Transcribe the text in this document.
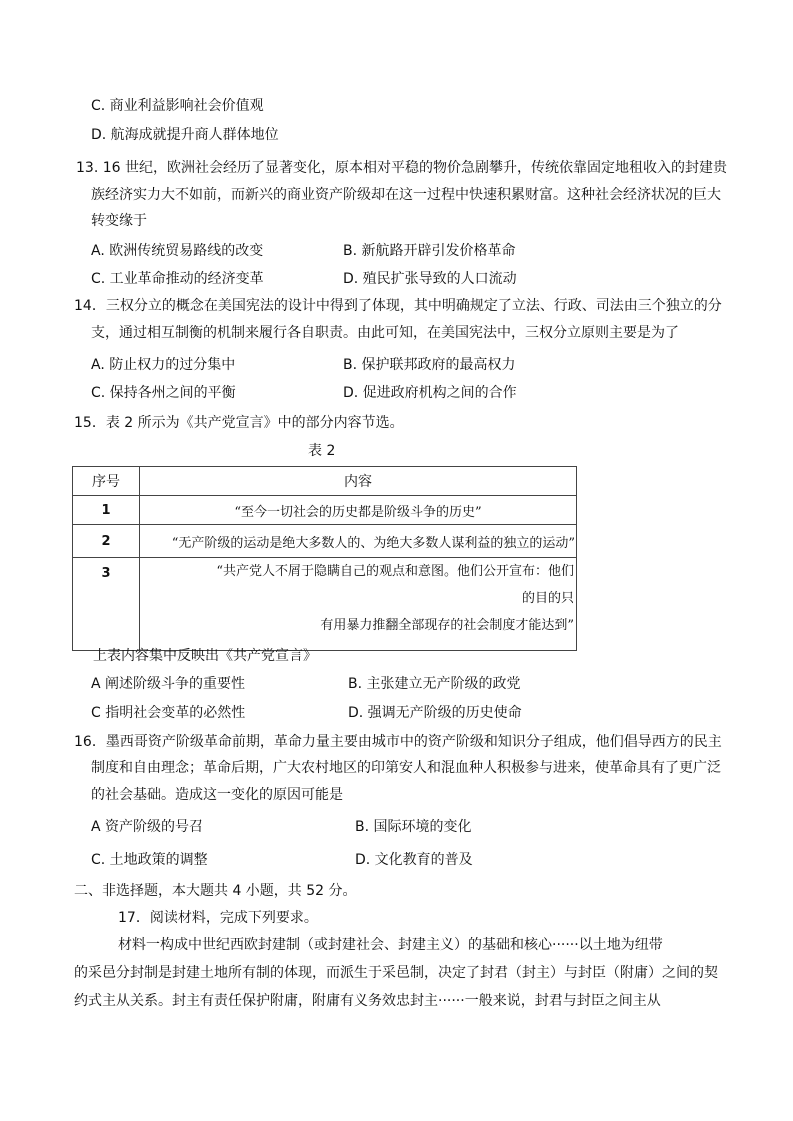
C. 商业利益影响社会价值观
D. 航海成就提升商人群体地位
13. 16 世纪，欧洲社会经历了显著变化，原本相对平稳的物价急剧攀升，传统依靠固定地租收入的封建贵
族经济实力大不如前，而新兴的商业资产阶级却在这一过程中快速积累财富。这种社会经济状况的巨大
转变缘于
A. 欧洲传统贸易路线的改变	B. 新航路开辟引发价格革命
C. 工业革命推动的经济变革	D. 殖民扩张导致的人口流动
14．三权分立的概念在美国宪法的设计中得到了体现，其中明确规定了立法、行政、司法由三个独立的分
支，通过相互制衡的机制来履行各自职责。由此可知，在美国宪法中，三权分立原则主要是为了
A. 防止权力的过分集中	B. 保护联邦政府的最高权力
C. 保持各州之间的平衡	D. 促进政府机构之间的合作
15．表 2 所示为《共产党宣言》中的部分内容节选。
表 2
序号	内容
1	“至今一切社会的历史都是阶级斗争的历史”
2	“无产阶级的运动是绝大多数人的、为绝大多数人谋利益的独立的运动”
3	“共产党人不屑于隐瞒自己的观点和意图。他们公开宣布：他们
的目的只
有用暴力推翻全部现存的社会制度才能达到”
上表内容集中反映出《共产党宣言》
A 阐述阶级斗争的重要性	B. 主张建立无产阶级的政党
C 指明社会变革的必然性	D. 强调无产阶级的历史使命
16．墨西哥资产阶级革命前期，革命力量主要由城市中的资产阶级和知识分子组成，他们倡导西方的民主
制度和自由理念；革命后期，广大农村地区的印第安人和混血种人积极参与进来，使革命具有了更广泛
的社会基础。造成这一变化的原因可能是
A 资产阶级的号召	B. 国际环境的变化
C. 土地政策的调整	D. 文化教育的普及
二、非选择题，本大题共 4 小题，共 52 分。
17．阅读材料，完成下列要求。
材料一构成中世纪西欧封建制（或封建社会、封建主义）的基础和核心······以土地为纽带
的采邑分封制是封建土地所有制的体现，而派生于采邑制，决定了封君（封主）与封臣（附庸）之间的契
约式主从关系。封主有责任保护附庸，附庸有义务效忠封主······一般来说，封君与封臣之间主从
